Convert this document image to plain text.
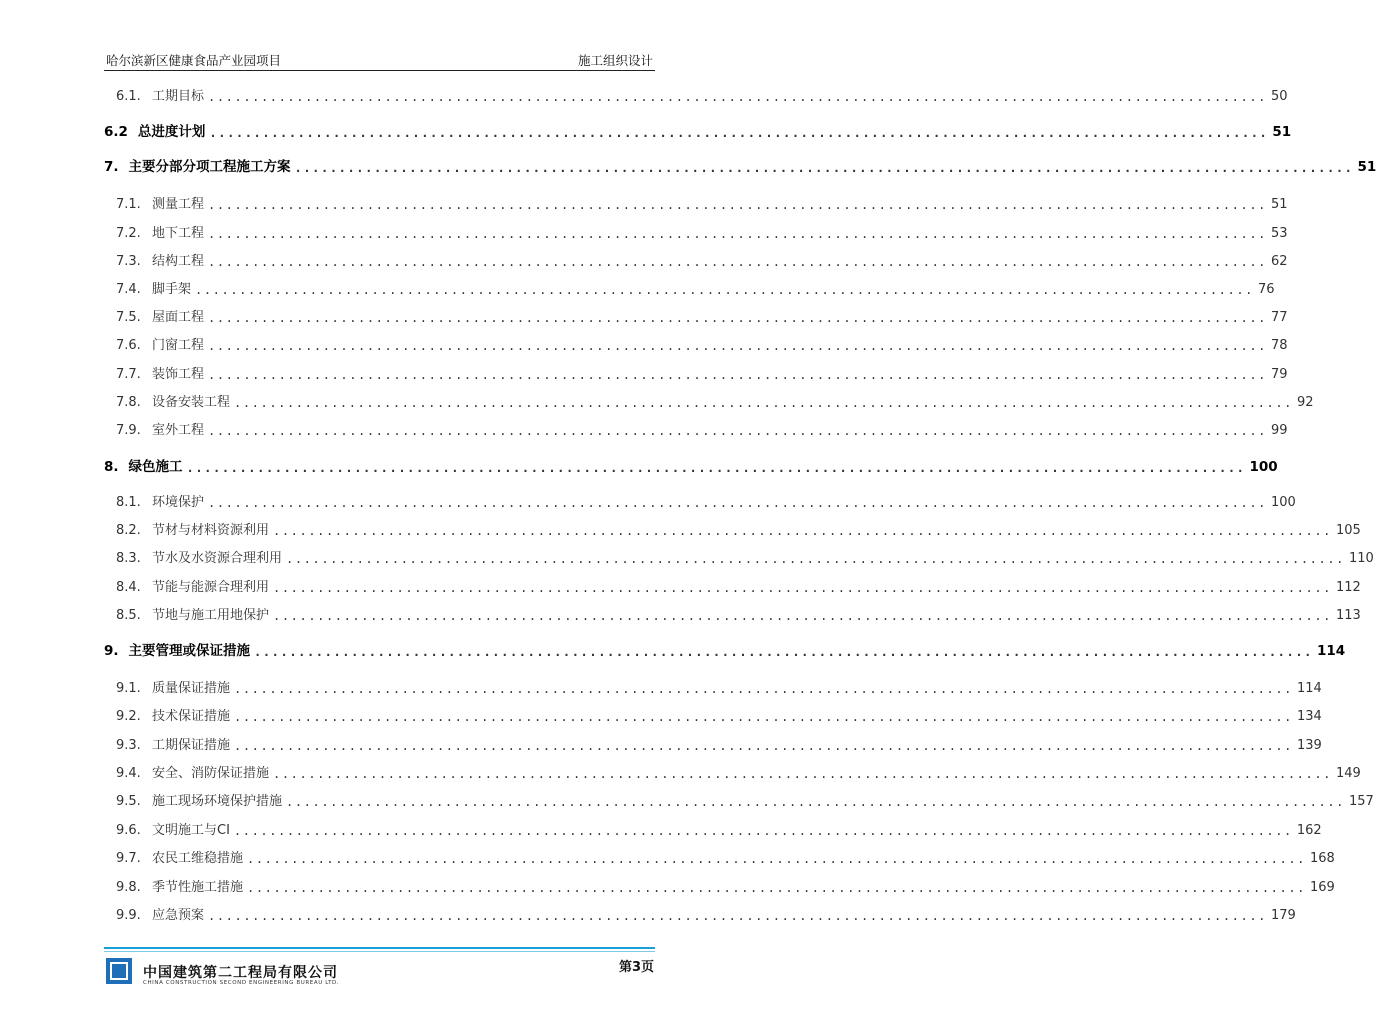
哈尔滨新区健康食品产业园项目	施工组织设计
6.1. 工期目标 ........................................................................................................................ 50
6.2 总进度计划 ........................................................................................................................ 51
7. 主要分部分项工程施工方案 ........................................................................................................................ 51
7.1. 测量工程 ........................................................................................................................ 51
7.2. 地下工程 ........................................................................................................................ 53
7.3. 结构工程 ........................................................................................................................ 62
7.4. 脚手架 ........................................................................................................................ 76
7.5. 屋面工程 ........................................................................................................................ 77
7.6. 门窗工程 ........................................................................................................................ 78
7.7. 装饰工程 ........................................................................................................................ 79
7.8. 设备安装工程 ........................................................................................................................ 92
7.9. 室外工程 ........................................................................................................................ 99
8. 绿色施工 ........................................................................................................................ 100
8.1. 环境保护 ........................................................................................................................ 100
8.2. 节材与材料资源利用 ........................................................................................................................ 105
8.3. 节水及水资源合理利用 ........................................................................................................................ 110
8.4. 节能与能源合理利用 ........................................................................................................................ 112
8.5. 节地与施工用地保护 ........................................................................................................................ 113
9. 主要管理或保证措施 ........................................................................................................................ 114
9.1. 质量保证措施 ........................................................................................................................ 114
9.2. 技术保证措施 ........................................................................................................................ 134
9.3. 工期保证措施 ........................................................................................................................ 139
9.4. 安全、消防保证措施 ........................................................................................................................ 149
9.5. 施工现场环境保护措施 ........................................................................................................................ 157
9.6. 文明施工与CI ........................................................................................................................ 162
9.7. 农民工维稳措施 ........................................................................................................................ 168
9.8. 季节性施工措施 ........................................................................................................................ 169
9.9. 应急预案 ........................................................................................................................ 179
中国建筑第二工程局有限公司
CHINA CONSTRUCTION SECOND ENGINEERING BUREAU LTD.
第3页
